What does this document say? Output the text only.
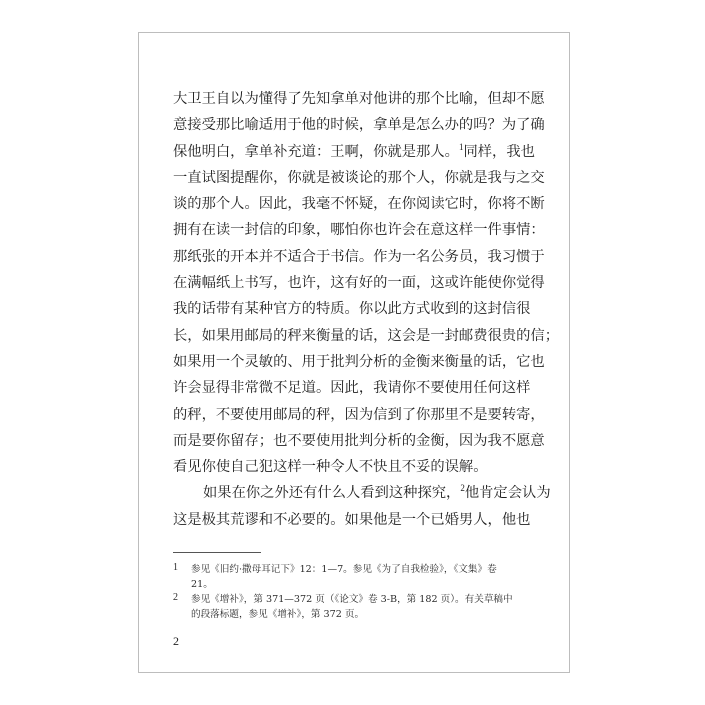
大卫王自以为懂得了先知拿单对他讲的那个比喻，但却不愿
意接受那比喻适用于他的时候，拿单是怎么办的吗？为了确
保他明白，拿单补充道：王啊，你就是那人。$^1$同样，我也
一直试图提醒你，你就是被谈论的那个人，你就是我与之交
谈的那个人。因此，我毫不怀疑，在你阅读它时，你将不断
拥有在读一封信的印象，哪怕你也许会在意这样一件事情：
那纸张的开本并不适合于书信。作为一名公务员，我习惯于
在满幅纸上书写，也许，这有好的一面，这或许能使你觉得
我的话带有某种官方的特质。你以此方式收到的这封信很
长，如果用邮局的秤来衡量的话，这会是一封邮费很贵的信；
如果用一个灵敏的、用于批判分析的金衡来衡量的话，它也
许会显得非常微不足道。因此，我请你不要使用任何这样
的秤，不要使用邮局的秤，因为信到了你那里不是要转寄，
而是要你留存；也不要使用批判分析的金衡，因为我不愿意
看见你使自己犯这样一种令人不快且不妥的误解。
如果在你之外还有什么人看到这种探究，$^2$他肯定会认为
这是极其荒谬和不必要的。如果他是一个已婚男人，他也
1 参见《旧约·撒母耳记下》12：1—7。参见《为了自我检验》，《文集》卷
21。
2 参见《增补》，第 371—372 页（《论文》卷 3-B，第 182 页）。有关草稿中
的段落标题，参见《增补》，第 372 页。
2
